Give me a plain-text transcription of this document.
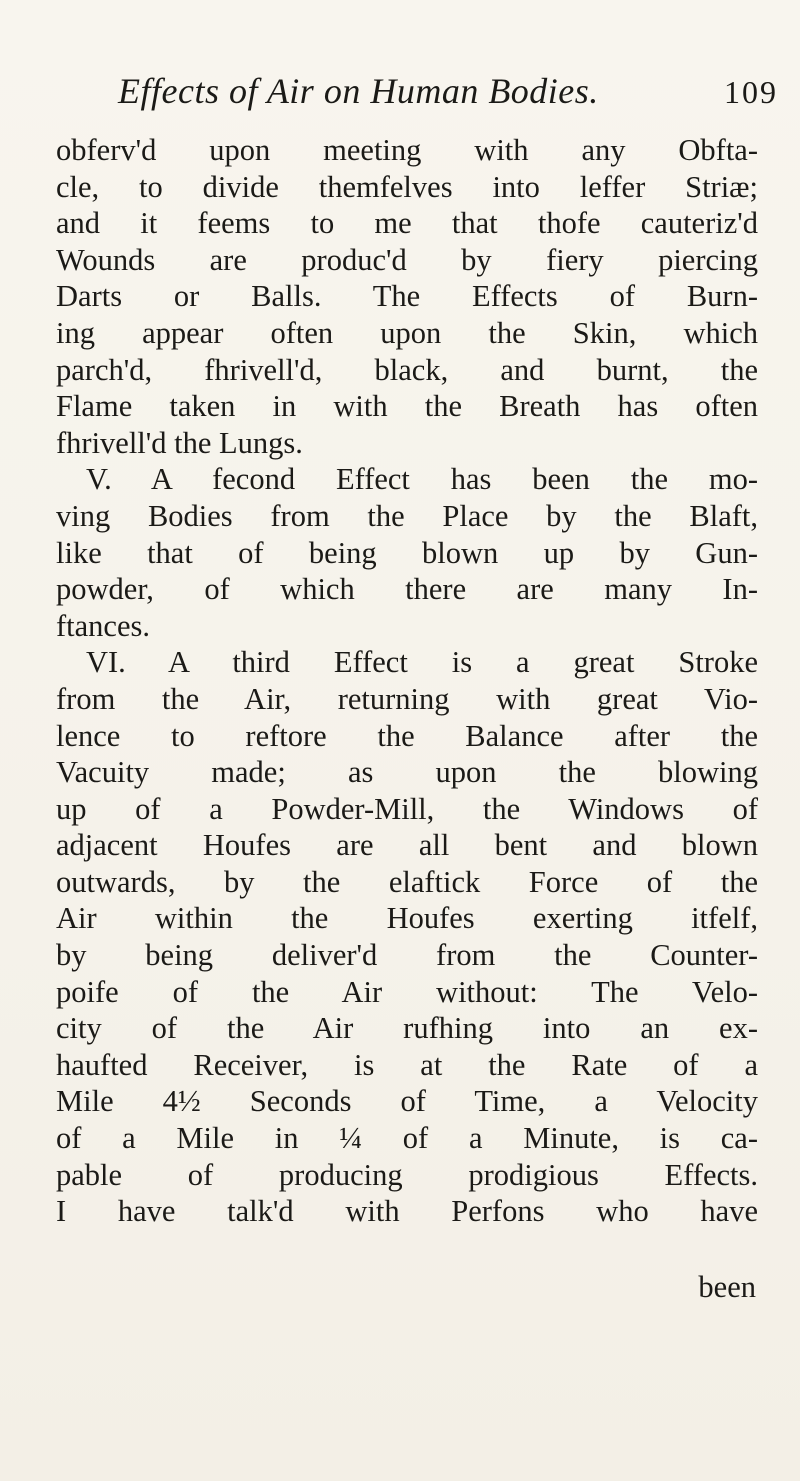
Effects of Air on Human Bodies.	109
obferv'd upon meeting with any Obfta-
cle, to divide themfelves into leffer Striæ;
and it feems to me that thofe cauteriz'd
Wounds are produc'd by fiery piercing
Darts or Balls. The Effects of Burn-
ing appear often upon the Skin, which
parch'd, fhrivell'd, black, and burnt, the
Flame taken in with the Breath has often
fhrivell'd the Lungs.
V. A fecond Effect has been the mo-
ving Bodies from the Place by the Blaft,
like that of being blown up by Gun-
powder, of which there are many In-
ftances.
VI. A third Effect is a great Stroke
from the Air, returning with great Vio-
lence to reftore the Balance after the
Vacuity made; as upon the blowing
up of a Powder-Mill, the Windows of
adjacent Houfes are all bent and blown
outwards, by the elaftick Force of the
Air within the Houfes exerting itfelf,
by being deliver'd from the Counter-
poife of the Air without: The Velo-
city of the Air rufhing into an ex-
haufted Receiver, is at the Rate of a
Mile 4½ Seconds of Time, a Velocity
of a Mile in ¼ of a Minute, is ca-
pable of producing prodigious Effects.
I have talk'd with Perfons who have
been
